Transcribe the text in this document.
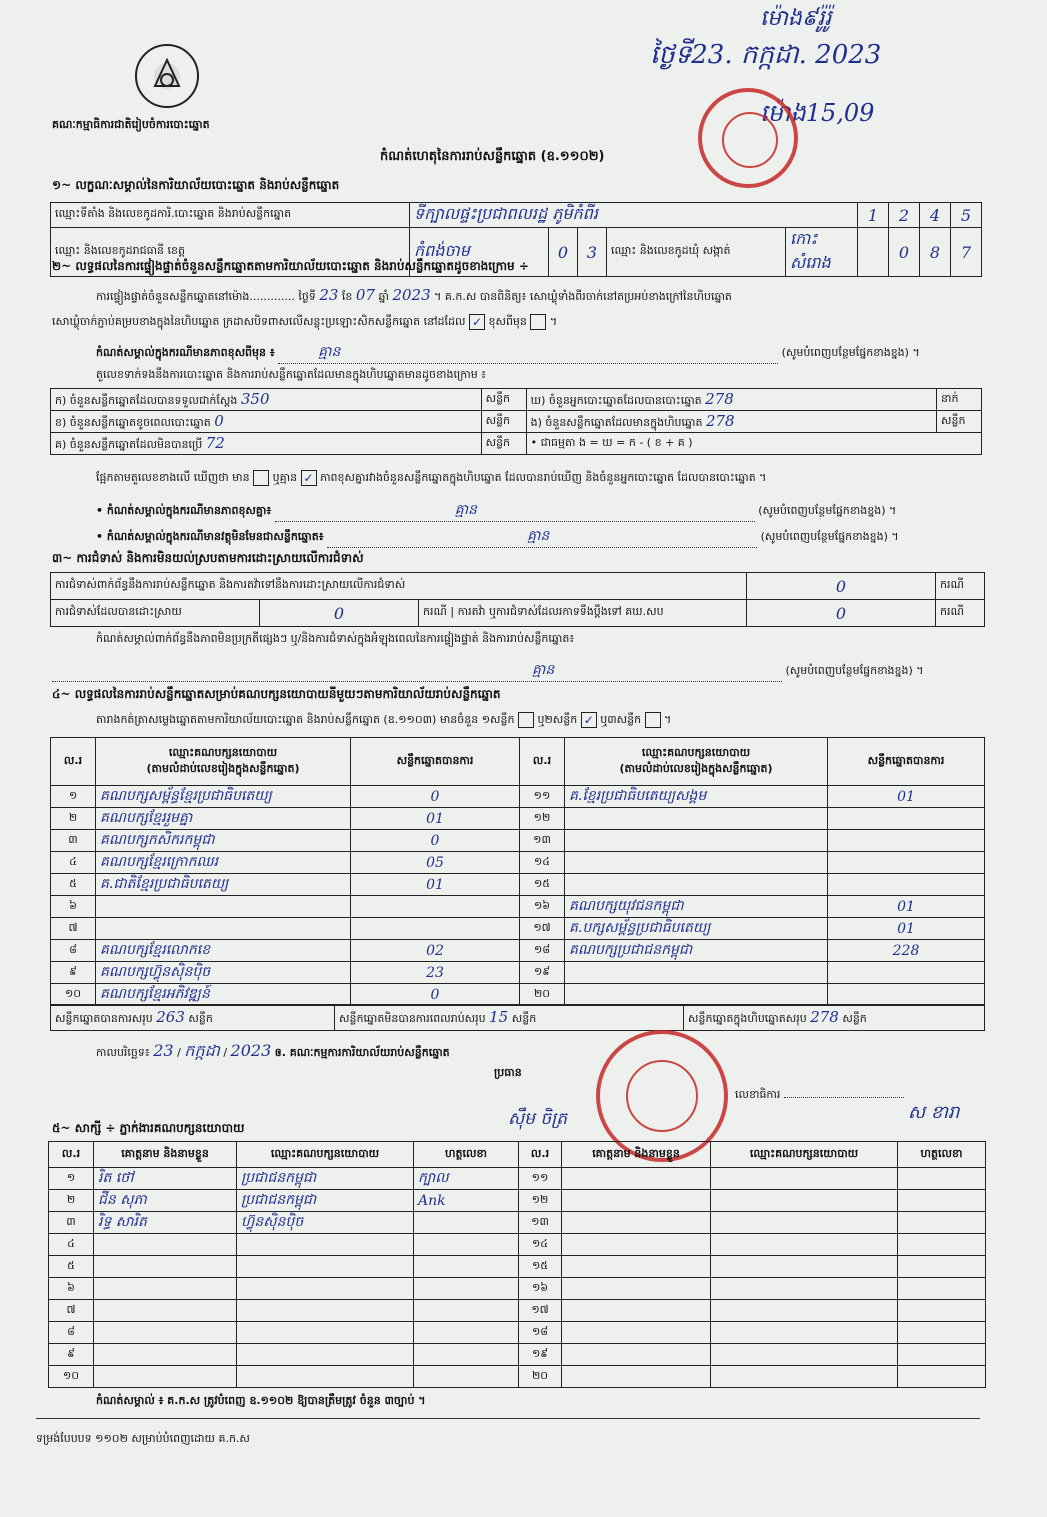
គណៈកម្មាធិការជាតិរៀបចំការបោះឆ្នោត
ម៉ោង៩រ៉ូរ៉ូ
ថ្ងៃទី23. កក្កដា. 2023
ម៉ោង15,09
កំណត់ហេតុនៃការរាប់សន្លឹកឆ្នោត (ឧ.១១០២)
១~ លក្ខណៈសម្គាល់នៃការិយាល័យបោះឆ្នោត និងរាប់សន្លឹកឆ្នោត
ឈ្មោះទីតាំង និងលេខកូដការិ.បោះឆ្នោត និងរាប់សន្លឹកឆ្នោត	ទីក្បាលផ្ទះប្រជាពលរដ្ឋ ភូមិកំពីរ					1	2	4	5
ឈ្មោះ និងលេខកូដរាជធានី ខេត្ត	កំពង់ចាម	0	3	ឈ្មោះ និងលេខកូដឃុំ សង្កាត់	កោះសំរោង		0	8	7
២~ លទ្ធផលនៃការផ្ទៀងផ្ទាត់ចំនួនសន្លឹកឆ្នោតតាមការិយាល័យបោះឆ្នោត និងរាប់សន្លឹកឆ្នោតដូចខាងក្រោម ÷
ការផ្ទៀងផ្ទាត់ចំនួនសន្លឹកឆ្នោតនៅម៉ោង............. ថ្ងៃទី 23 ខែ 07 ឆ្នាំ 2023 ។ គ.ក.ស បានពិនិត្យ៖ សោឃ្លុំទាំងពីរចាក់នៅតប្រអប់ខាងក្រៅនៃហិបឆ្នោត
សោឃ្លុំចាក់ភ្ជាប់គម្របខាងក្នុងនៃហិបឆ្នោត ក្រដាសបិទពាសលើសន្លុះប្រឡោះសិកសន្លឹកឆ្នោត នៅដដែល ✓ ខុសពីមុន  ។
កំណត់សម្គាល់ក្នុងករណីមានភាពខុសពីមុន ៖	គ្មាន	(សូមបំពេញបន្ថែមផ្នែកខាងខ្នង) ។
តួលេខទាក់ទងនឹងការបោះឆ្នោត និងការរាប់សន្លឹកឆ្នោតដែលមានក្នុងហិបឆ្នោតមានដូចខាងក្រោម ៖
ក) ចំនួនសន្លឹកឆ្នោតដែលបានទទួលជាក់ស្តែង 350	សន្លឹក	ឃ) ចំនួនអ្នកបោះឆ្នោតដែលបានបោះឆ្នោត 278	នាក់
ខ) ចំនួនសន្លឹកឆ្នោតខូចពេលបោះឆ្នោត 0	សន្លឹក	ង) ចំនួនសន្លឹកឆ្នោតដែលមានក្នុងហិបឆ្នោត 278	សន្លឹក
គ) ចំនួនសន្លឹកឆ្នោតដែលមិនបានប្រើ 72	សន្លឹក	• ជាធម្មតា ង = ឃ = ក - ( ខ + គ )	
ផ្អែកតាមតួលេខខាងលើ ឃើញថា មាន ឬគ្មាន ✓ ភាពខុសគ្នារវាងចំនួនសន្លឹកឆ្នោតក្នុងហិបឆ្នោត ដែលបានរាប់ឃើញ និងចំនួនអ្នកបោះឆ្នោត ដែលបានបោះឆ្នោត ។
• កំណត់សម្គាល់ក្នុងករណីមានភាពខុសគ្នា៖	គ្មាន	(សូមបំពេញបន្ថែមផ្នែកខាងខ្នង) ។
• កំណត់សម្គាល់ក្នុងករណីមានវត្ថុមិនមែនជាសន្លឹកឆ្នោត៖	គ្មាន	(សូមបំពេញបន្ថែមផ្នែកខាងខ្នង) ។
៣~ ការជំទាស់ និងការមិនយល់ស្របតាមការដោះស្រាយលើការជំទាស់
ការជំទាស់ពាក់ព័ន្ធនឹងការរាប់សន្លឹកឆ្នោត និងការតវ៉ាទៅនឹងការដោះស្រាយលើការជំទាស់			0	ករណី
ការជំទាស់ដែលបានដោះស្រាយ	0	ករណី | ការតវ៉ា ឬការជំទាស់ដែលរកាទទឹងប្តឹងទៅ គឃ.សប	0	ករណី
កំណត់សម្គាល់ពាក់ព័ន្ធនឹងភាពមិនប្រក្រតីផ្សេងៗ ឬ/និងការជំទាស់ក្នុងអំឡុងពេលនៃការផ្ទៀងផ្ទាត់ និងការរាប់សន្លឹកឆ្នោត៖
គ្មាន	(សូមបំពេញបន្ថែមផ្នែកខាងខ្នង) ។
៤~ លទ្ធផលនៃការរាប់សន្លឹកឆ្នោតសម្រាប់គណបក្សនយោបាយនីមួយៗតាមការិយាល័យរាប់សន្លឹកឆ្នោត
តារាងកត់ត្រាសម្លេងឆ្នោតតាមការិយាល័យបោះឆ្នោត និងរាប់សន្លឹកឆ្នោត (ឧ.១១០៣) មានចំនួន ១សន្លឹក ឬ២សន្លឹក ✓ ឬ៣សន្លឹក  ។
ល.រ	ឈ្មោះគណបក្សនយោបាយ
(តាមលំដាប់លេខរៀងក្នុងសន្លឹកឆ្នោត)	សន្លឹកឆ្នោតបានការ	ល.រ	ឈ្មោះគណបក្សនយោបាយ
(តាមលំដាប់លេខរៀងក្នុងសន្លឹកឆ្នោត)	សន្លឹកឆ្នោតបានការ
១	គណបក្សសម្ព័ន្ធខ្មែរប្រជាធិបតេយ្យ	0	១១	គ.ខ្មែរប្រជាធិបតេយ្យសង្គម	01
២	គណបក្សខ្មែររួមគ្នា	01	១២		
៣	គណបក្សកសិករកម្ពុជា	0	១៣		
៤	គណបក្សខ្មែរក្រោកឈរ	05	១៤		
៥	គ.ជាតិខ្មែរប្រជាធិបតេយ្យ	01	១៥		
៦			១៦	គណបក្សយុវជនកម្ពុជា	01
៧			១៧	គ.បក្សសម្ព័ន្ធប្រជាធិបតេយ្យ	01
៨	គណបក្សខ្មែរលោកខេ	02	១៨	គណបក្សប្រជាជនកម្ពុជា	228
៩	គណបក្សហ៊្វុនស៊ិនប៉ិច	23	១៩		
១០	គណបក្សខ្មែរអភិវឌ្ឍន៍	0	២០		
សន្លឹកឆ្នោតបានការសរុប 263 សន្លឹក	សន្លឹកឆ្នោតមិនបានការពេលរាប់សរុប 15 សន្លឹក	សន្លឹកឆ្នោតក្នុងហិបឆ្នោតសរុប 278 សន្លឹក
កាលបរិច្ឆេទ៖ 23 / កក្កដា / 2023 ឲ. គណៈកម្មការការិយាល័យរាប់សន្លឹកឆ្នោត
ប្រធាន
ស៊ឹម ចិត្រ
លេខាធិការ
ស ខារា
៥~ សាក្សី ÷ ភ្នាក់ងារគណបក្សនយោបាយ
ល.រ	គោត្តនាម និងនាមខ្លួន	ឈ្មោះគណបក្សនយោបាយ	ហត្ថលេខា	ល.រ	គោត្តនាម និងនាមខ្លួន	ឈ្មោះគណបក្សនយោបាយ	ហត្ថលេខា
១	រិត ថៅ	ប្រជាជនកម្ពុជា	ក្បាល	១១			
២	ជីន សុភា	ប្រជាជនកម្ពុជា	Ank	១២			
៣	រិទ្ធ សារិត	ហ៊្វុនស៊ិនប៉ិច		១៣			
៤				១៤			
៥				១៥			
៦				១៦			
៧				១៧			
៨				១៨			
៩				១៩			
១០				២០			
កំណត់សម្គាល់ ៖ គ.ក.ស ត្រូវបំពេញ ឧ.១១០២ ឱ្យបានត្រឹមត្រូវ ចំនួន ៣ច្បាប់ ។
ទម្រង់បែបបទ ១១០២ សម្រាប់បំពេញដោយ គ.ក.ស
